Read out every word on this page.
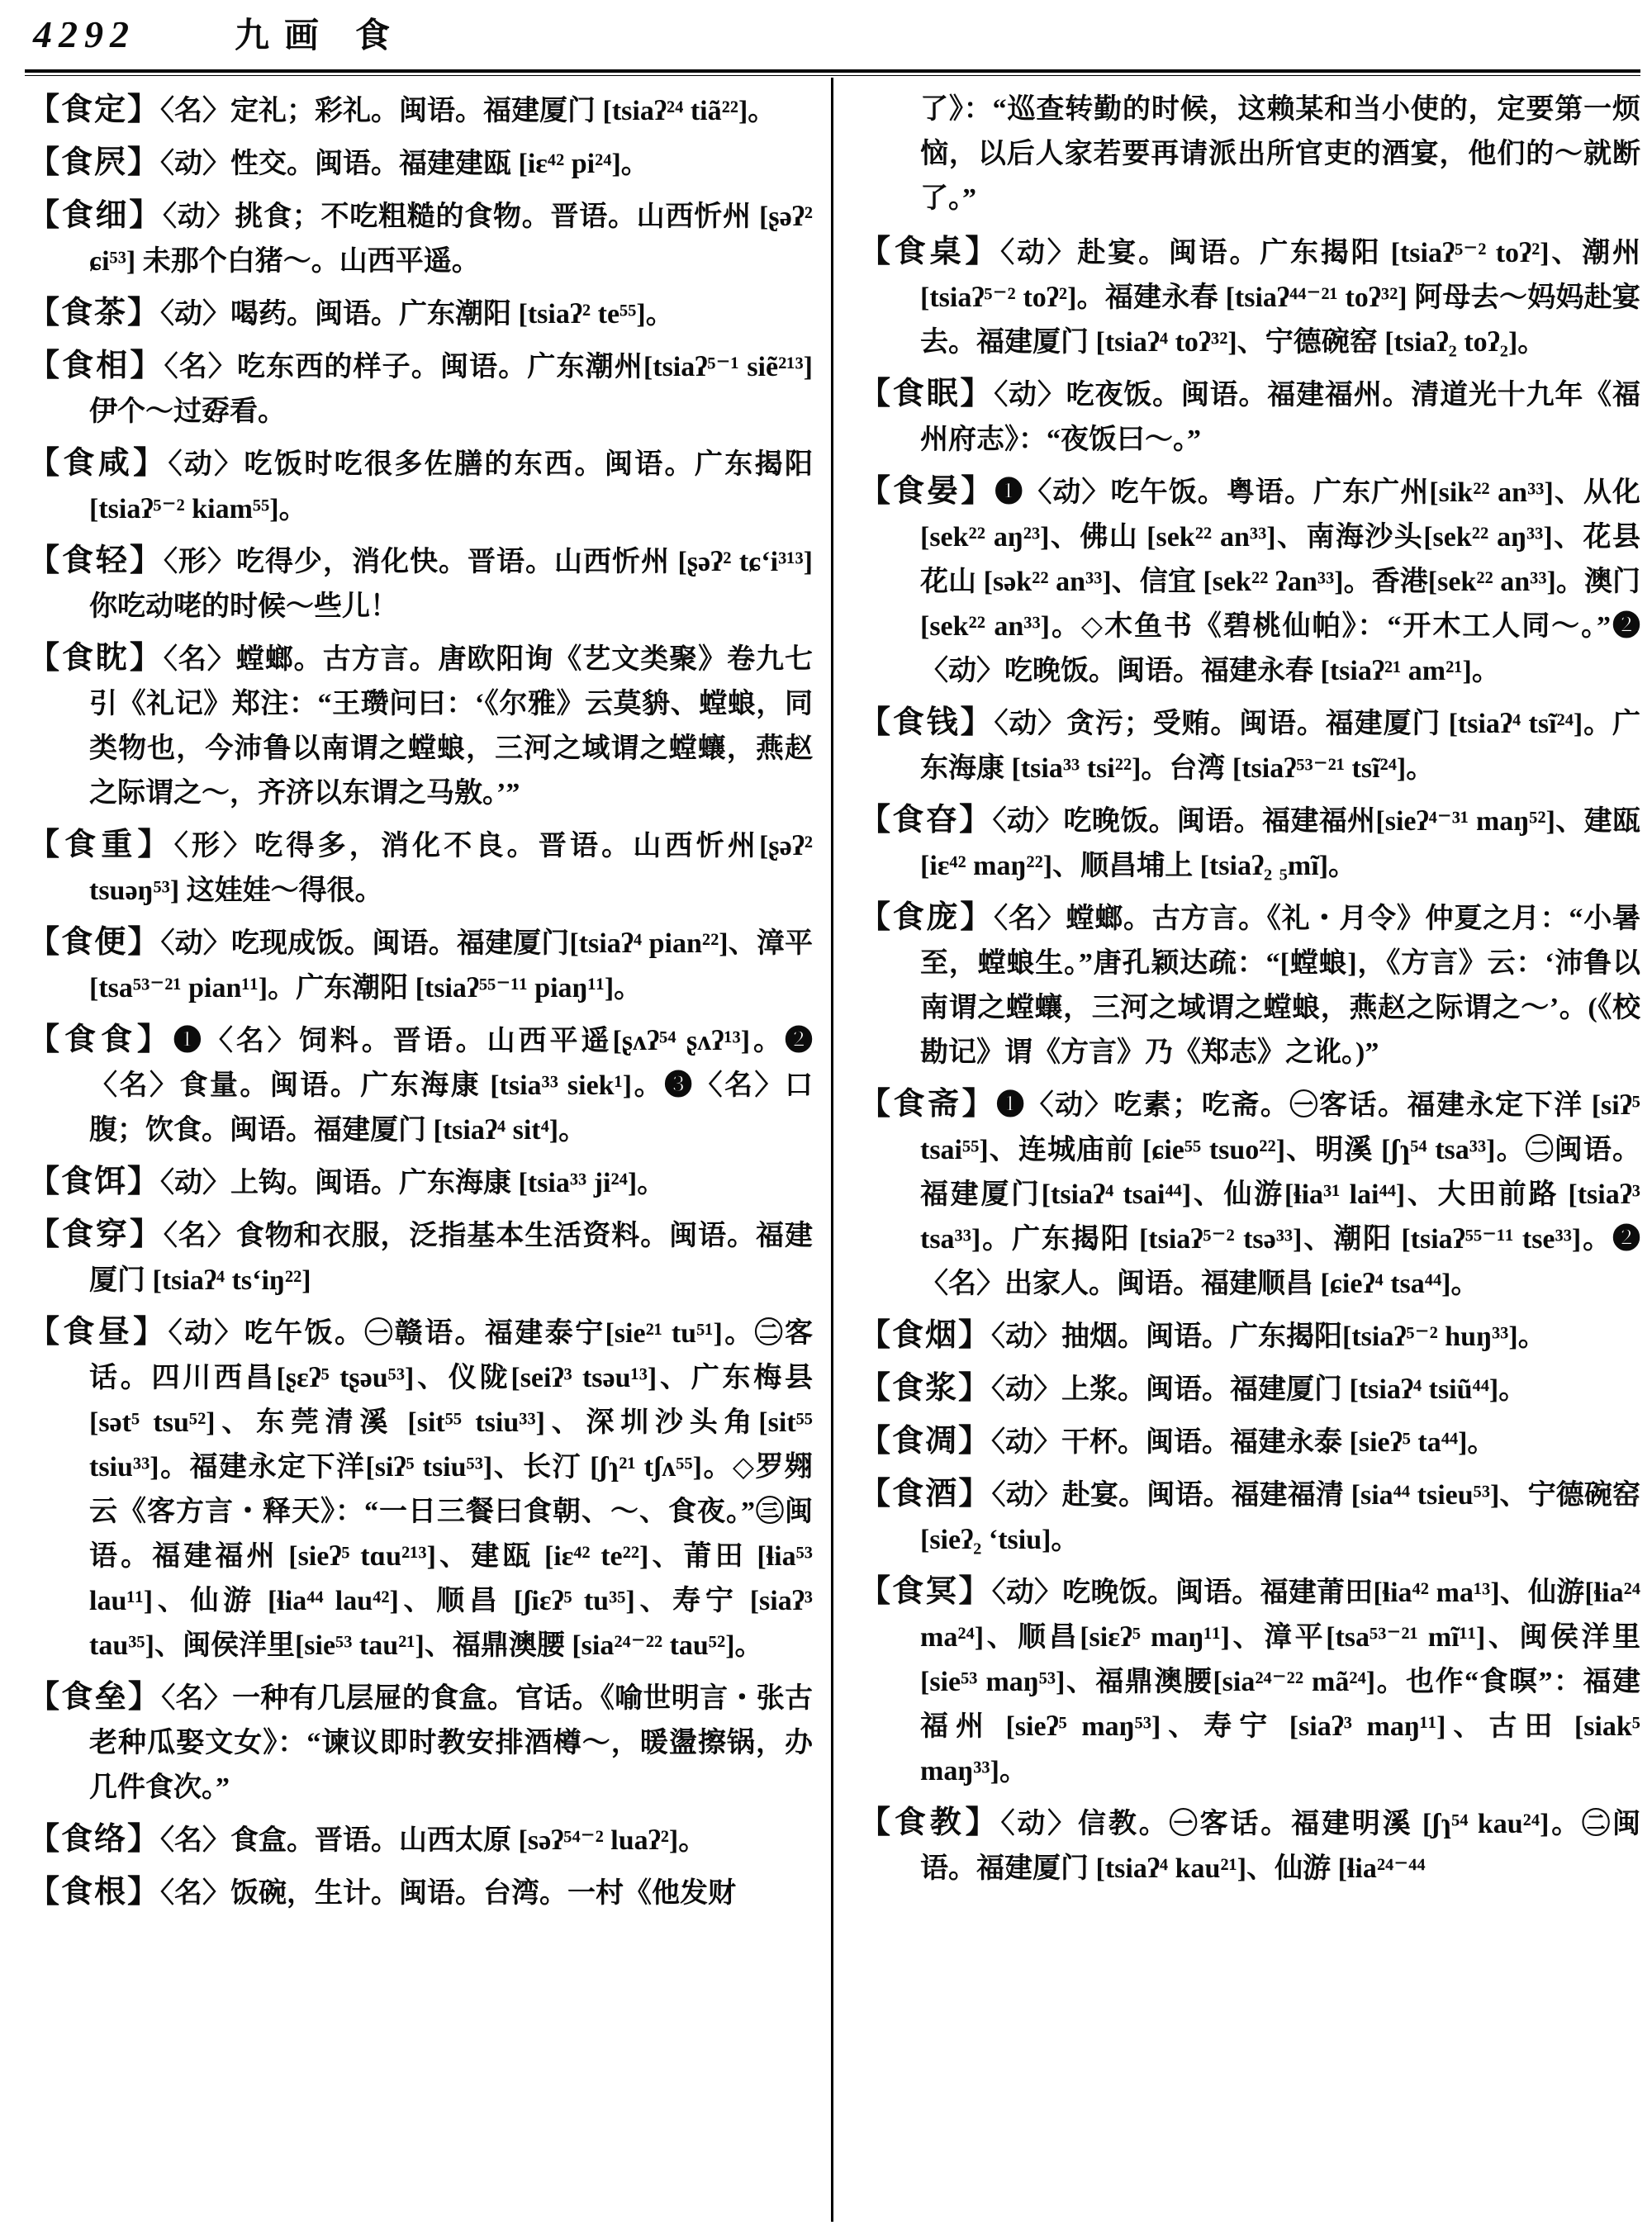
4292	九画 食

【食定】〈名〉定礼；彩礼。闽语。福建厦门 [tsiaʔ²⁴ tiã²²]。

【食屄】〈动〉性交。闽语。福建建瓯 [iɛ⁴² pi²⁴]。

【食细】〈动〉挑食；不吃粗糙的食物。晋语。山西忻州 [ʂəʔ² ɕi⁵³] 未那个白猪～。山西平遥。

【食茶】〈动〉喝药。闽语。广东潮阳 [tsiaʔ² te⁵⁵]。

【食相】〈名〉吃东西的样子。闽语。广东潮州[tsiaʔ⁵⁻¹ siẽ²¹³] 伊个～过孬看。

【食咸】〈动〉吃饭时吃很多佐膳的东西。闽语。广东揭阳 [tsiaʔ⁵⁻² kiam⁵⁵]。

【食轻】〈形〉吃得少，消化快。晋语。山西忻州 [ʂəʔ² tɕʻi³¹³] 你吃动咾的时候～些儿！

【食眈】〈名〉螳螂。古方言。唐欧阳询《艺文类聚》卷九七引《礼记》郑注：“王瓒问曰：‘《尔雅》云莫貈、螳蜋，同类物也，今沛鲁以南谓之螳蜋，三河之域谓之螳蠰，燕赵之际谓之～，齐济以东谓之马敫。’”

【食重】〈形〉吃得多，消化不良。晋语。山西忻州[ʂəʔ² tsuəŋ⁵³] 这娃娃～得很。

【食便】〈动〉吃现成饭。闽语。福建厦门[tsiaʔ⁴ pian²²]、漳平 [tsa⁵³⁻²¹ pian¹¹]。广东潮阳 [tsiaʔ⁵⁵⁻¹¹ piaŋ¹¹]。

【食食】❶〈名〉饲料。晋语。山西平遥[ʂʌʔ⁵⁴ ʂʌʔ¹³]。❷〈名〉食量。闽语。广东海康 [tsia³³ siek¹]。❸〈名〉口腹；饮食。闽语。福建厦门 [tsiaʔ⁴ sit⁴]。

【食饵】〈动〉上钩。闽语。广东海康 [tsia³³ ji²⁴]。

【食穿】〈名〉食物和衣服，泛指基本生活资料。闽语。福建厦门 [tsiaʔ⁴ tsʻiŋ²²]

【食昼】〈动〉吃午饭。㊀赣语。福建泰宁[sie²¹ tu⁵¹]。㊁客话。四川西昌[ʂɛʔ⁵ tʂəu⁵³]、仪陇[seiʔ³ tsəu¹³]、广东梅县 [sət⁵ tsu⁵²]、东莞清溪 [sit⁵⁵ tsiu³³]、深圳沙头角[sit⁵⁵ tsiu³³]。福建永定下洋[siʔ⁵ tsiu⁵³]、长汀 [ʃɿ²¹ tʃʌ⁵⁵]。◇罗翙云《客方言・释天》：“一日三餐曰食朝、～、食夜。”㊂闽语。福建福州 [sieʔ⁵ tɑu²¹³]、建瓯 [iɛ⁴² te²²]、莆田 [ɬia⁵³ lau¹¹]、仙游 [ɬia⁴⁴ lau⁴²]、顺昌 [ʃiɛʔ⁵ tu³⁵]、寿宁 [siaʔ³ tau³⁵]、闽侯洋里[sie⁵³ tau²¹]、福鼎澳腰 [sia²⁴⁻²² tau⁵²]。

【食垒】〈名〉一种有几层屉的食盒。官话。《喻世明言・张古老种瓜娶文女》：“谏议即时教安排酒樽～，暖盪擦锅，办几件食次。”

【食络】〈名〉食盒。晋语。山西太原 [səʔ⁵⁴⁻² luaʔ²]。

【食根】〈名〉饭碗，生计。闽语。台湾。一村《他发财

了》：“巡查转勤的时候，这赖某和当小使的，定要第一烦恼，以后人家若要再请派出所官吏的酒宴，他们的～就断了。”

【食桌】〈动〉赴宴。闽语。广东揭阳 [tsiaʔ⁵⁻² toʔ²]、潮州 [tsiaʔ⁵⁻² toʔ²]。福建永春 [tsiaʔ⁴⁴⁻²¹ toʔ³²] 阿母去～妈妈赴宴去。福建厦门 [tsiaʔ⁴ toʔ³²]、宁德碗窑 [tsiaʔ₂ toʔ₂]。

【食眠】〈动〉吃夜饭。闽语。福建福州。清道光十九年《福州府志》：“夜饭曰～。”

【食晏】❶〈动〉吃午饭。粤语。广东广州[sik²² an³³]、从化 [sek²² aŋ²³]、佛山 [sek²² an³³]、南海沙头[sek²² aŋ³³]、花县花山 [sək²² an³³]、信宜 [sek²² ʔan³³]。香港[sek²² an³³]。澳门 [sek²² an³³]。◇木鱼书《碧桃仙帕》：“开木工人同～。”❷〈动〉吃晚饭。闽语。福建永春 [tsiaʔ²¹ am²¹]。

【食钱】〈动〉贪污；受贿。闽语。福建厦门 [tsiaʔ⁴ tsĩ²⁴]。广东海康 [tsia³³ tsi²²]。台湾 [tsiaʔ⁵³⁻²¹ tsĩ²⁴]。

【食昚】〈动〉吃晚饭。闽语。福建福州[sieʔ⁴⁻³¹ maŋ⁵²]、建瓯[iɛ⁴² maŋ²²]、顺昌埔上 [tsiaʔ₂ ₅mĩ]。

【食庞】〈名〉螳螂。古方言。《礼・月令》仲夏之月：“小暑至，螳蜋生。”唐孔颖达疏：“[螳蜋]，《方言》云：‘沛鲁以南谓之螳蠰，三河之域谓之螳蜋，燕赵之际谓之～’。(《校勘记》谓《方言》乃《郑志》之讹。)”

【食斋】❶〈动〉吃素；吃斋。㊀客话。福建永定下洋 [siʔ⁵ tsai⁵⁵]、连城庙前 [ɕie⁵⁵ tsuo²²]、明溪 [ʃɿ⁵⁴ tsa³³]。㊁闽语。福建厦门[tsiaʔ⁴ tsai⁴⁴]、仙游[ɬia³¹ lai⁴⁴]、大田前路 [tsiaʔ³ tsa³³]。广东揭阳 [tsiaʔ⁵⁻² tsə³³]、潮阳 [tsiaʔ⁵⁵⁻¹¹ tse³³]。❷〈名〉出家人。闽语。福建顺昌 [ɕieʔ⁴ tsa⁴⁴]。

【食烟】〈动〉抽烟。闽语。广东揭阳[tsiaʔ⁵⁻² huŋ³³]。

【食浆】〈动〉上浆。闽语。福建厦门 [tsiaʔ⁴ tsiũ⁴⁴]。

【食凋】〈动〉干杯。闽语。福建永泰 [sieʔ⁵ ta⁴⁴]。

【食酒】〈动〉赴宴。闽语。福建福清 [sia⁴⁴ tsieu⁵³]、宁德碗窑 [sieʔ₂ ʻtsiu]。

【食冥】〈动〉吃晚饭。闽语。福建莆田[ɬia⁴² ma¹³]、仙游[ɬia²⁴ ma²⁴]、顺昌[siɛʔ⁵ maŋ¹¹]、漳平[tsa⁵³⁻²¹ mĩ¹¹]、闽侯洋里 [sie⁵³ maŋ⁵³]、福鼎澳腰[sia²⁴⁻²² mã²⁴]。也作“食暝”：福建福州 [sieʔ⁵ maŋ⁵³]、寿宁 [siaʔ³ maŋ¹¹]、古田 [siak⁵ maŋ³³]。

【食教】〈动〉信教。㊀客话。福建明溪 [ʃɿ⁵⁴ kau²⁴]。㊁闽语。福建厦门 [tsiaʔ⁴ kau²¹]、仙游 [ɬia²⁴⁻⁴⁴
